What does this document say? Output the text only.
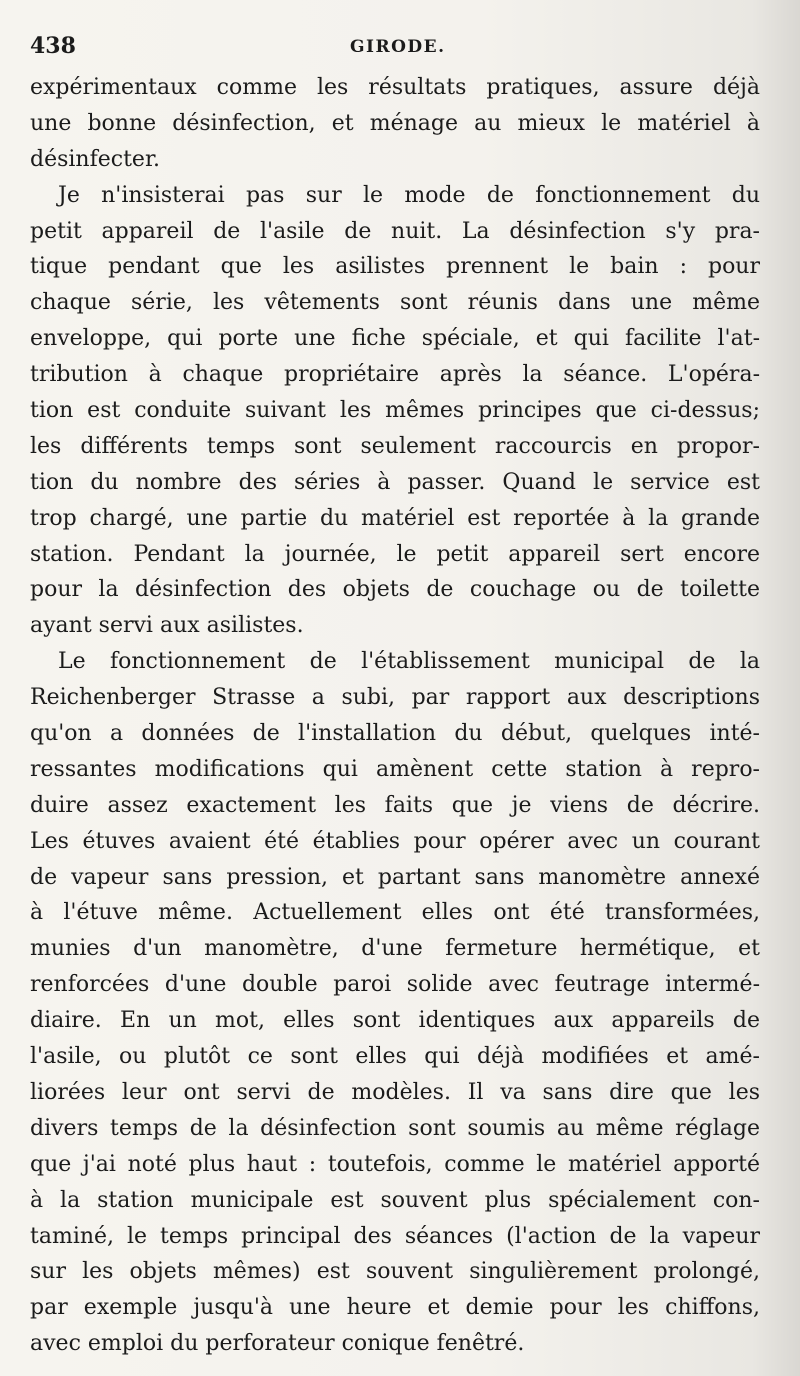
438	GIRODE.
expérimentaux comme les résultats pratiques, assure déjà
une bonne désinfection, et ménage au mieux le matériel à
désinfecter.
Je n'insisterai pas sur le mode de fonctionnement du
petit appareil de l'asile de nuit. La désinfection s'y pra-
tique pendant que les asilistes prennent le bain : pour
chaque série, les vêtements sont réunis dans une même
enveloppe, qui porte une fiche spéciale, et qui facilite l'at-
tribution à chaque propriétaire après la séance. L'opéra-
tion est conduite suivant les mêmes principes que ci-dessus;
les différents temps sont seulement raccourcis en propor-
tion du nombre des séries à passer. Quand le service est
trop chargé, une partie du matériel est reportée à la grande
station. Pendant la journée, le petit appareil sert encore
pour la désinfection des objets de couchage ou de toilette
ayant servi aux asilistes.
Le fonctionnement de l'établissement municipal de la
Reichenberger Strasse a subi, par rapport aux descriptions
qu'on a données de l'installation du début, quelques inté-
ressantes modifications qui amènent cette station à repro-
duire assez exactement les faits que je viens de décrire.
Les étuves avaient été établies pour opérer avec un courant
de vapeur sans pression, et partant sans manomètre annexé
à l'étuve même. Actuellement elles ont été transformées,
munies d'un manomètre, d'une fermeture hermétique, et
renforcées d'une double paroi solide avec feutrage intermé-
diaire. En un mot, elles sont identiques aux appareils de
l'asile, ou plutôt ce sont elles qui déjà modifiées et amé-
liorées leur ont servi de modèles. Il va sans dire que les
divers temps de la désinfection sont soumis au même réglage
que j'ai noté plus haut : toutefois, comme le matériel apporté
à la station municipale est souvent plus spécialement con-
taminé, le temps principal des séances (l'action de la vapeur
sur les objets mêmes) est souvent singulièrement prolongé,
par exemple jusqu'à une heure et demie pour les chiffons,
avec emploi du perforateur conique fenêtré.
